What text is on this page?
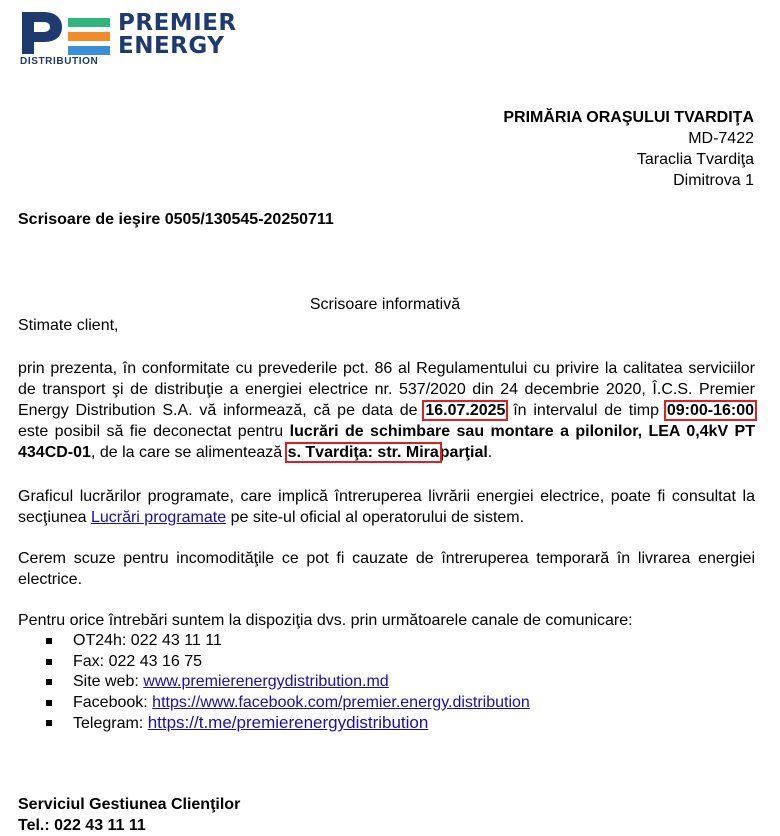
PREMIER
ENERGY
DISTRIBUTION
PRIMĂRIA ORAŞULUI TVARDIŢA
MD-7422
Taraclia Tvardiţa
Dimitrova 1
Scrisoare de ieşire 0505/130545-20250711
Scrisoare informativă
Stimate client,
prin prezenta, în conformitate cu prevederile pct. 86 al Regulamentului cu privire la calitatea serviciilor de transport şi de distribuţie a energiei electrice nr. 537/2020 din 24 decembrie 2020, Î.C.S. Premier Energy Distribution S.A. vă informează, că pe data de 16.07.2025 în intervalul de timp 09:00-16:00 este posibil să fie deconectat pentru lucrări de schimbare sau montare a pilonilor, LEA 0,4kV PT 434CD-01, de la care se alimentează s. Tvardiţa: str. Miraparţial.
Graficul lucrărilor programate, care implică întreruperea livrării energiei electrice, poate fi consultat la secţiunea Lucrări programate pe site-ul oficial al operatorului de sistem.
Cerem scuze pentru incomodităţile ce pot fi cauzate de întreruperea temporară în livrarea energiei electrice.
Pentru orice întrebări suntem la dispoziţia dvs. prin următoarele canale de comunicare:
OT24h: 022 43 11 11
Fax: 022 43 16 75
Site web: www.premierenergydistribution.md
Facebook: https://www.facebook.com/premier.energy.distribution
Telegram: https://t.me/premierenergydistribution
Serviciul Gestiunea Clienţilor
Tel.: 022 43 11 11
